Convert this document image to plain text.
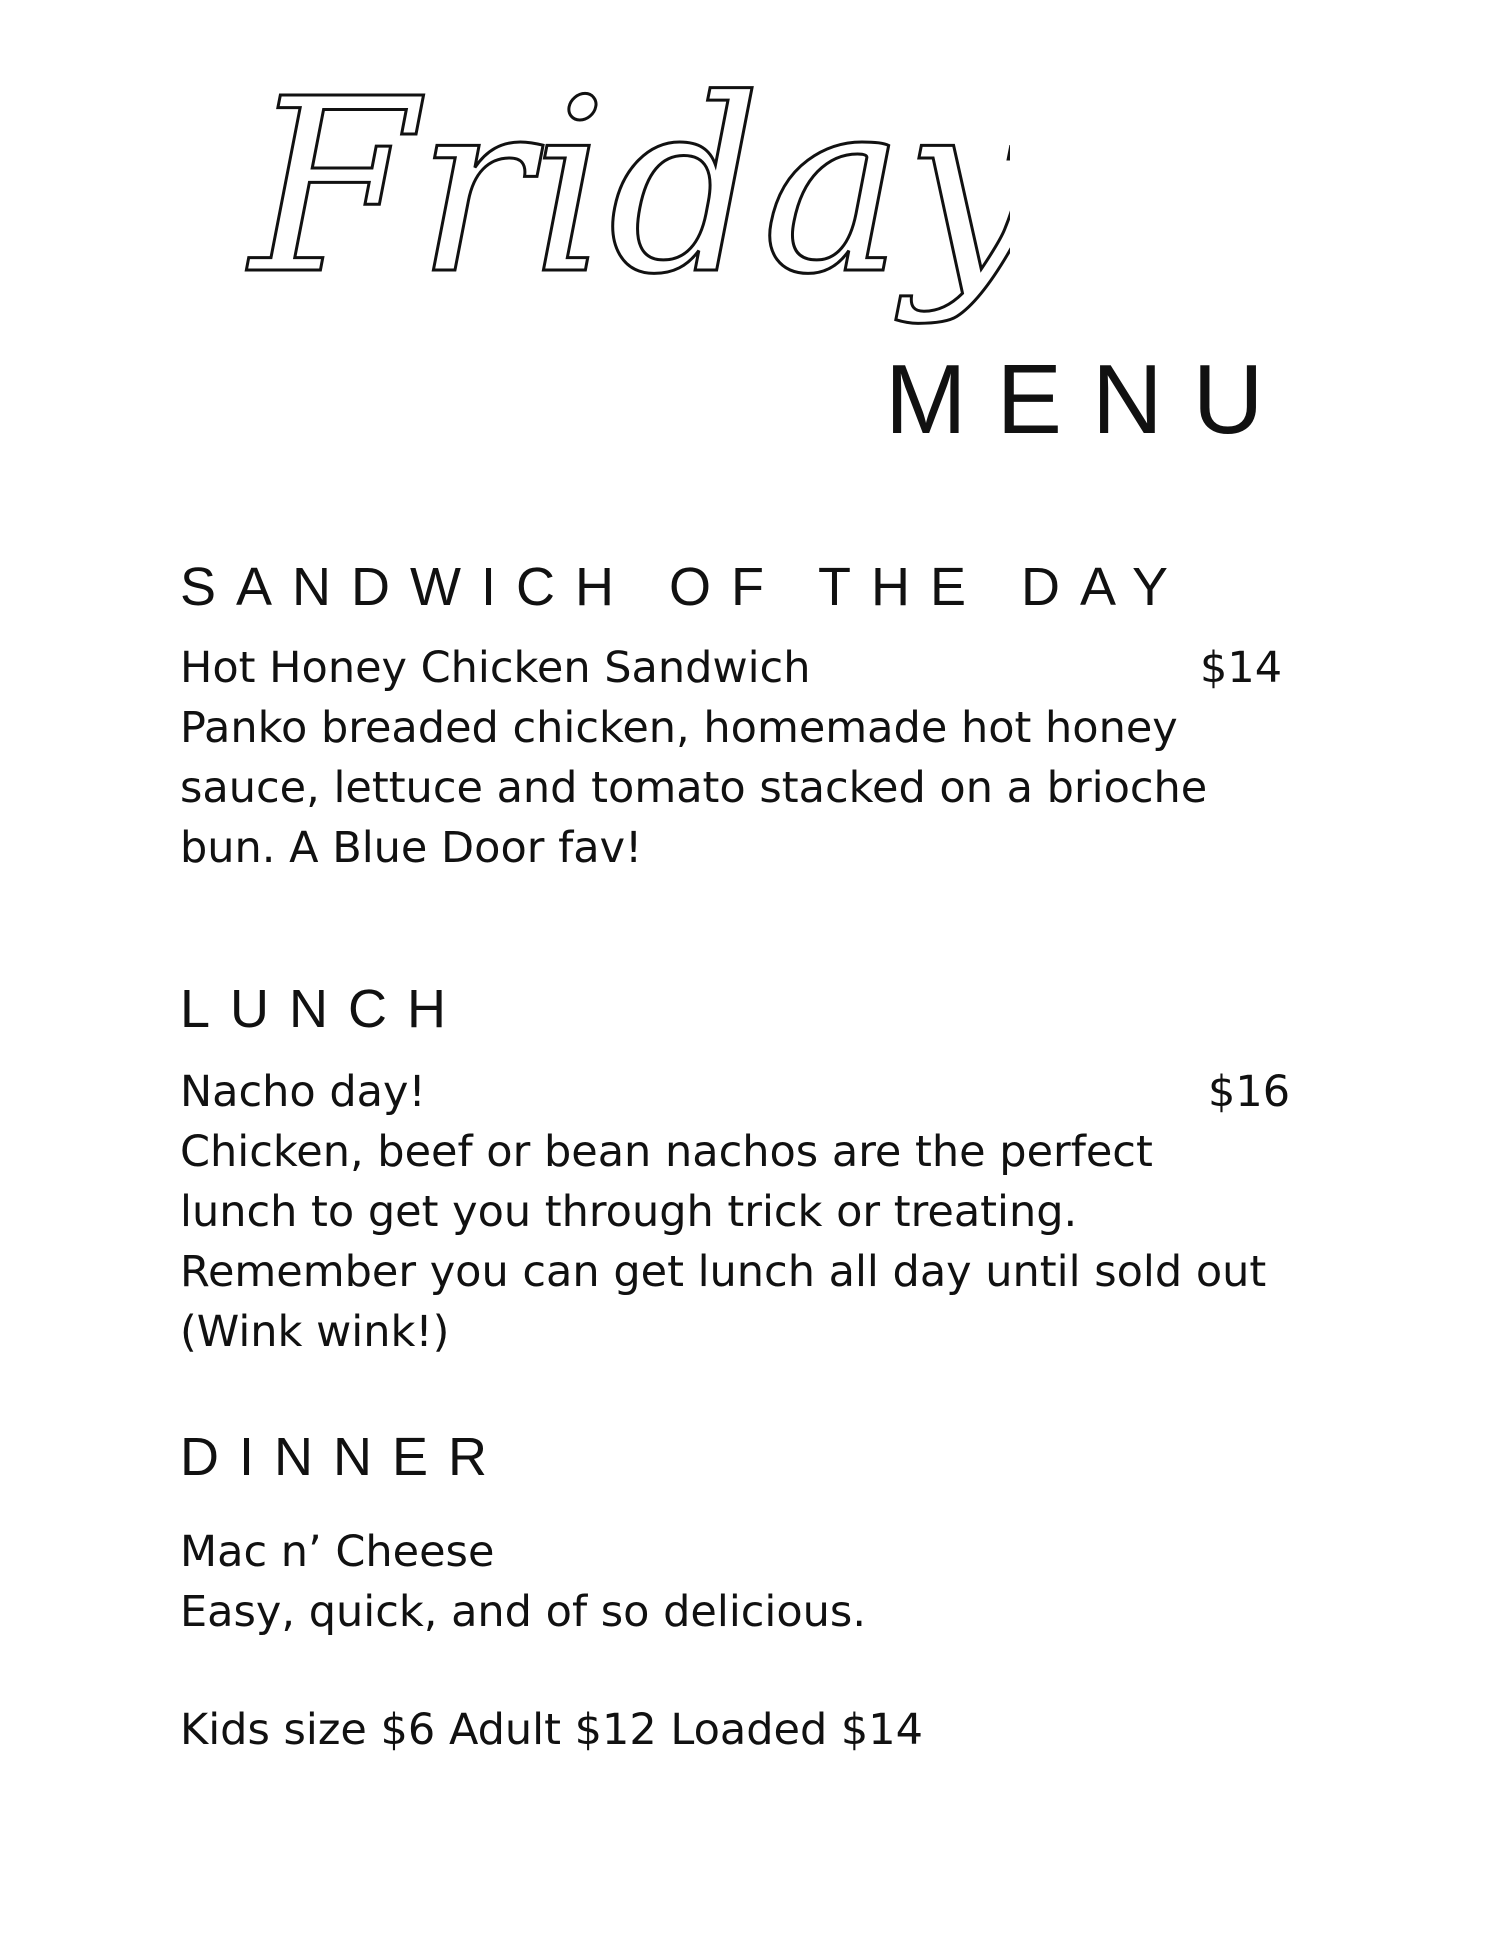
Friday
MENU
SANDWICH OF THE DAY
Hot Honey Chicken Sandwich	$14
Panko breaded chicken, homemade hot honey
sauce, lettuce and tomato stacked on a brioche
bun. A Blue Door fav!
LUNCH
Nacho day!	$16
Chicken, beef or bean nachos are the perfect
lunch to get you through trick or treating.
Remember you can get lunch all day until sold out
(Wink wink!)
DINNER
Mac n’ Cheese
Easy, quick, and of so delicious.
Kids size $6 Adult $12 Loaded $14
